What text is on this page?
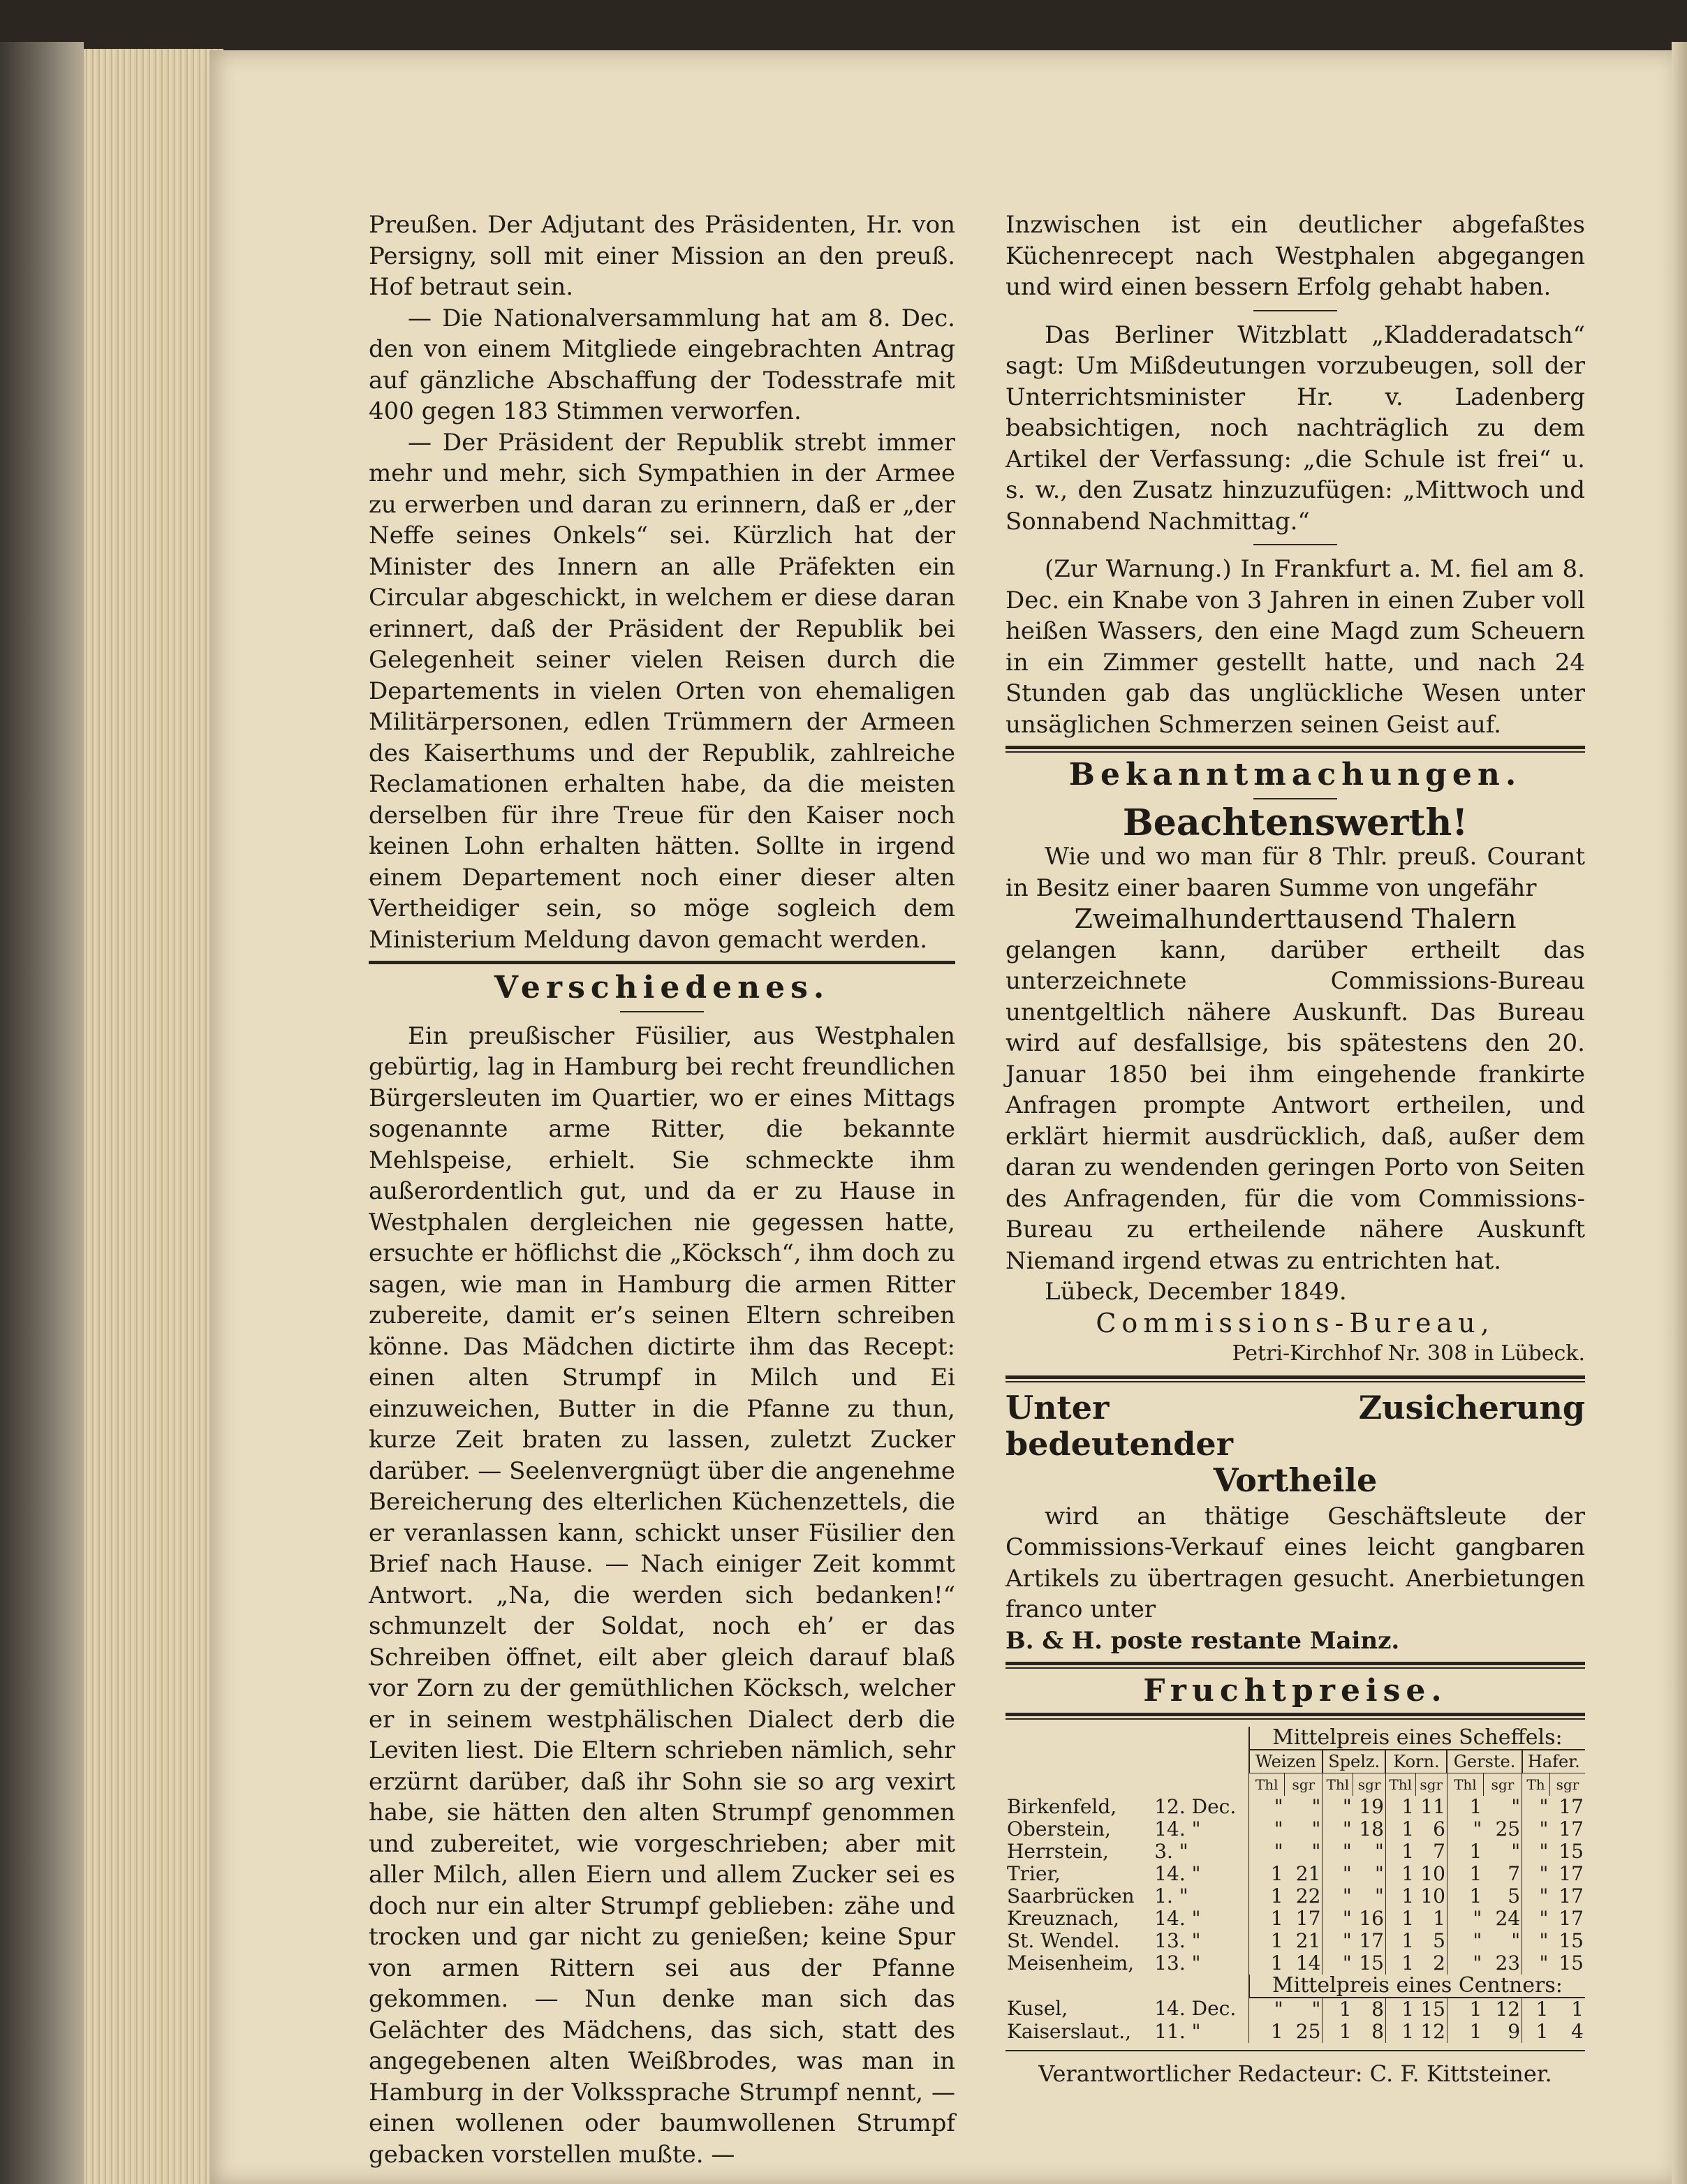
Preußen. Der Adjutant des Präsidenten, Hr. von Persigny, soll mit einer Mission an den preuß. Hof betraut sein.

— Die Nationalversammlung hat am 8. Dec. den von einem Mitgliede eingebrachten Antrag auf gänzliche Abschaffung der Todesstrafe mit 400 gegen 183 Stimmen verworfen.

— Der Präsident der Republik strebt immer mehr und mehr, sich Sympathien in der Armee zu erwerben und daran zu erinnern, daß er „der Neffe seines Onkels“ sei. Kürzlich hat der Minister des Innern an alle Präfekten ein Circular abgeschickt, in welchem er diese daran erinnert, daß der Präsident der Republik bei Gelegenheit seiner vielen Reisen durch die Departements in vielen Orten von ehemaligen Militärpersonen, edlen Trümmern der Armeen des Kaiserthums und der Republik, zahlreiche Reclamationen erhalten habe, da die meisten derselben für ihre Treue für den Kaiser noch keinen Lohn erhalten hätten. Sollte in irgend einem Departement noch einer dieser alten Vertheidiger sein, so möge sogleich dem Ministerium Meldung davon gemacht werden.

Verschiedenes.

Ein preußischer Füsilier, aus Westphalen gebürtig, lag in Hamburg bei recht freundlichen Bürgersleuten im Quartier, wo er eines Mittags sogenannte arme Ritter, die bekannte Mehlspeise, erhielt. Sie schmeckte ihm außerordentlich gut, und da er zu Hause in Westphalen dergleichen nie gegessen hatte, ersuchte er höflichst die „Köcksch“, ihm doch zu sagen, wie man in Hamburg die armen Ritter zubereite, damit er’s seinen Eltern schreiben könne. Das Mädchen dictirte ihm das Recept: einen alten Strumpf in Milch und Ei einzuweichen, Butter in die Pfanne zu thun, kurze Zeit braten zu lassen, zuletzt Zucker darüber. — Seelenvergnügt über die angenehme Bereicherung des elterlichen Küchenzettels, die er veranlassen kann, schickt unser Füsilier den Brief nach Hause. — Nach einiger Zeit kommt Antwort. „Na, die werden sich bedanken!“ schmunzelt der Soldat, noch eh’ er das Schreiben öffnet, eilt aber gleich darauf blaß vor Zorn zu der gemüthlichen Köcksch, welcher er in seinem westphälischen Dialect derb die Leviten liest. Die Eltern schrieben nämlich, sehr erzürnt darüber, daß ihr Sohn sie so arg vexirt habe, sie hätten den alten Strumpf genommen und zubereitet, wie vorgeschrieben; aber mit aller Milch, allen Eiern und allem Zucker sei es doch nur ein alter Strumpf geblieben: zähe und trocken und gar nicht zu genießen; keine Spur von armen Rittern sei aus der Pfanne gekommen. — Nun denke man sich das Gelächter des Mädchens, das sich, statt des angegebenen alten Weißbrodes, was man in Hamburg in der Volkssprache Strumpf nennt, — einen wollenen oder baumwollenen Strumpf gebacken vorstellen mußte. —

Inzwischen ist ein deutlicher abgefaßtes Küchenrecept nach Westphalen abgegangen und wird einen bessern Erfolg gehabt haben.

Das Berliner Witzblatt „Kladderadatsch“ sagt: Um Mißdeutungen vorzubeugen, soll der Unterrichtsminister Hr. v. Ladenberg beabsichtigen, noch nachträglich zu dem Artikel der Verfassung: „die Schule ist frei“ u. s. w., den Zusatz hinzuzufügen: „Mittwoch und Sonnabend Nachmittag.“

(Zur Warnung.) In Frankfurt a. M. fiel am 8. Dec. ein Knabe von 3 Jahren in einen Zuber voll heißen Wassers, den eine Magd zum Scheuern in ein Zimmer gestellt hatte, und nach 24 Stunden gab das unglückliche Wesen unter unsäglichen Schmerzen seinen Geist auf.

Bekanntmachungen.
Beachtenswerth!

Wie und wo man für 8 Thlr. preuß. Courant in Besitz einer baaren Summe von ungefähr

Zweimalhunderttausend Thalern

gelangen kann, darüber ertheilt das unterzeichnete Commissions-Bureau unentgeltlich nähere Auskunft. Das Bureau wird auf desfallsige, bis spätestens den 20. Januar 1850 bei ihm eingehende frankirte Anfragen prompte Antwort ertheilen, und erklärt hiermit ausdrücklich, daß, außer dem daran zu wendenden geringen Porto von Seiten des Anfragenden, für die vom Commissions-Bureau zu ertheilende nähere Auskunft Niemand irgend etwas zu entrichten hat.

Lübeck, December 1849.

Commissions-Bureau,

Petri-Kirchhof Nr. 308 in Lübeck.

Unter Zusicherung bedeutender
Vortheile

wird an thätige Geschäftsleute der Commissions-Verkauf eines leicht gangbaren Artikels zu übertragen gesucht. Anerbietungen franco unter

B. & H. poste restante Mainz.

Fruchtpreise.
		Mittelpreis eines Scheffels:									
		Weizen		Spelz.		Korn.		Gerste.		Hafer.	
		Thl	sgr	Thl	sgr	Thl	sgr	Thl	sgr	Th	sgr
Birkenfeld,	12. Dec.	"	"	"	19	1	11	1	"	"	17
Oberstein,	14. "	"	"	"	18	1	6	"	25	"	17
Herrstein,	3. "	"	"	"	"	1	7	1	"	"	15
Trier,	14. "	1	21	"	"	1	10	1	7	"	17
Saarbrücken	1. "	1	22	"	"	1	10	1	5	"	17
Kreuznach,	14. "	1	17	"	16	1	1	"	24	"	17
St. Wendel.	13. "	1	21	"	17	1	5	"	"	"	15
Meisenheim,	13. "	1	14	"	15	1	2	"	23	"	15
		Mittelpreis eines Centners:									
Kusel,	14. Dec.	"	"	1	8	1	15	1	12	1	1
Kaiserslaut.,	11. "	1	25	1	8	1	12	1	9	1	4
Verantwortlicher Redacteur: C. F. Kittsteiner.
